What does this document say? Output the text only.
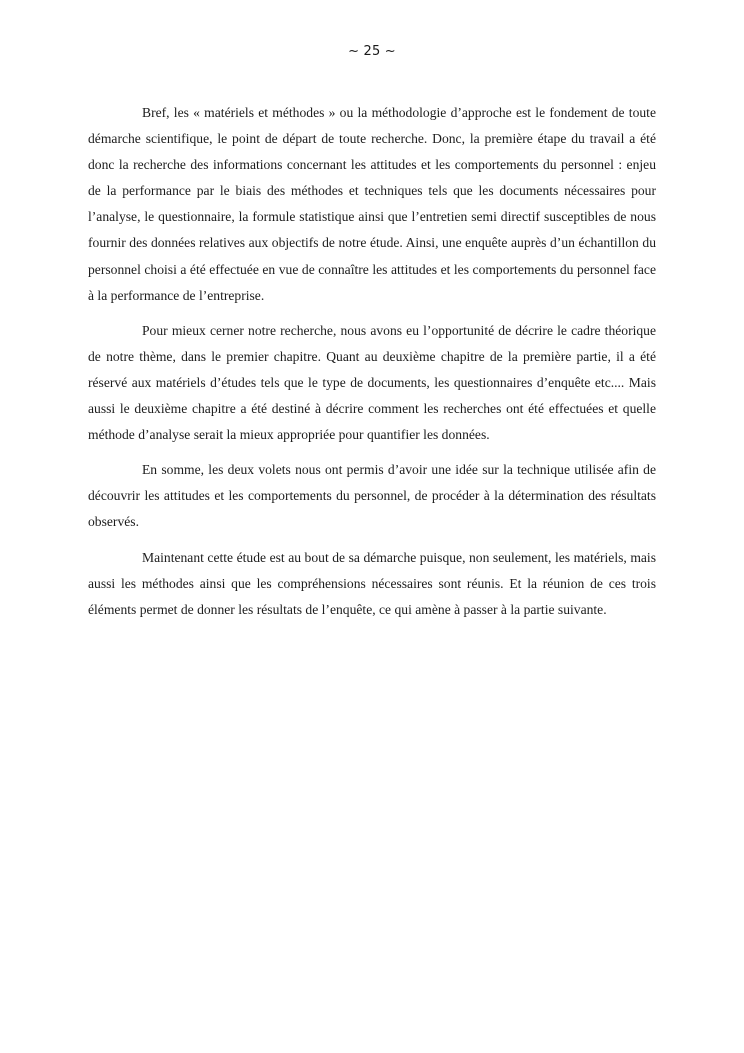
~ 25 ~

Bref, les « matériels et méthodes » ou la méthodologie d’approche est le fondement de toute démarche scientifique, le point de départ de toute recherche. Donc, la première étape du travail a été donc la recherche des informations concernant les attitudes et les comportements du personnel : enjeu de la performance par le biais des méthodes et techniques tels que les documents nécessaires pour l’analyse, le questionnaire, la formule statistique ainsi que l’entretien semi directif susceptibles de nous fournir des données relatives aux objectifs de notre étude. Ainsi, une enquête auprès d’un échantillon du personnel choisi a été effectuée en vue de connaître les attitudes et les comportements du personnel face à la performance de l’entreprise.

Pour mieux cerner notre recherche, nous avons eu l’opportunité de décrire le cadre théorique de notre thème, dans le premier chapitre. Quant au deuxième chapitre de la première partie, il a été réservé aux matériels d’études tels que le type de documents, les questionnaires d’enquête etc.... Mais aussi le deuxième chapitre a été destiné à décrire comment les recherches ont été effectuées et quelle méthode d’analyse serait la mieux appropriée pour quantifier les données.

En somme, les deux volets nous ont permis d’avoir une idée sur la technique utilisée afin de découvrir les attitudes et les comportements du personnel, de procéder à la détermination des résultats observés.

Maintenant cette étude est au bout de sa démarche puisque, non seulement, les matériels, mais aussi les méthodes ainsi que les compréhensions nécessaires sont réunis. Et la réunion de ces trois éléments permet de donner les résultats de l’enquête, ce qui amène à passer à la partie suivante.
